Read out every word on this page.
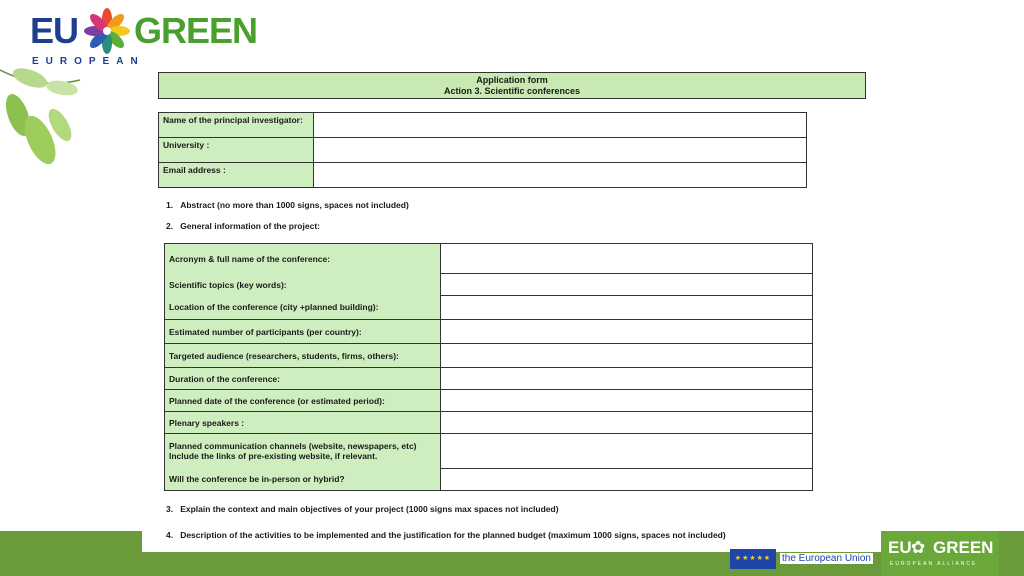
EU GREEN
EUROPEAN
★★★★★	the European Union
EU ✿ GREEN
EUROPEAN ALLIANCE
Application form
Action 3. Scientific conferences
Name of the principal investigator:	
University :	
Email address :	
1. Abstract (no more than 1000 signs, spaces not included)
2. General information of the project:
Acronym & full name of the conference:	
Scientific topics (key words):	
Location of the conference (city +planned building):	
Estimated number of participants (per country):	
Targeted audience (researchers, students, firms, others):	
Duration of the conference:	
Planned date of the conference (or estimated period):	
Plenary speakers :	

Planned communication channels (website, newspapers, etc)
Include the links of pre-existing website, if relevant.	

Will the conference be in-person or hybrid?	
3. Explain the context and main objectives of your project (1000 signs max spaces not included)
4. Description of the activities to be implemented and the justification for the planned budget (maximum 1000 signs, spaces not included)
